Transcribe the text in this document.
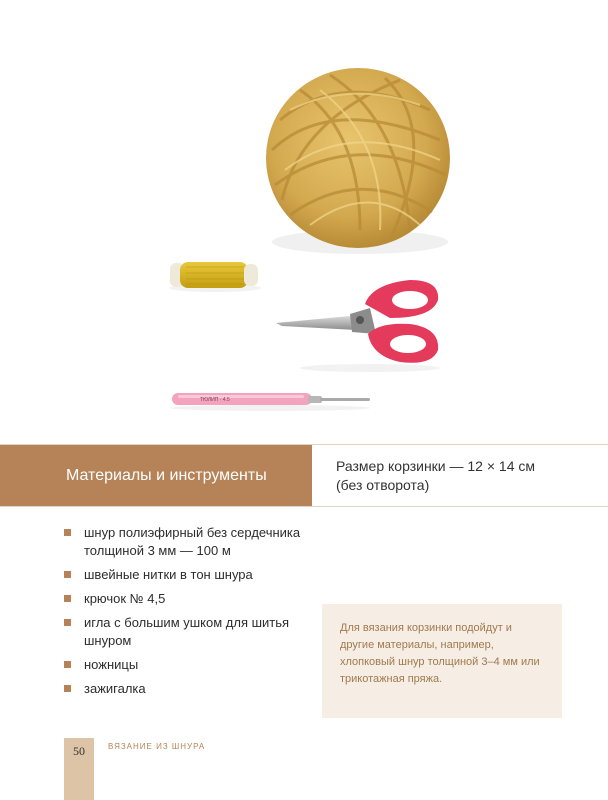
ТЮЛИП · 4.5
Материалы и инструменты
Размер корзинки — 12 × 14 см
(без отворота)
шнур полиэфирный без сердечника толщиной 3 мм — 100 м
швейные нитки в тон шнура
крючок № 4,5
игла с большим ушком для шитья шнуром
ножницы
зажигалка
Для вязания корзинки подойдут и другие материалы, например, хлопковый шнур толщиной 3–4 мм или трикотажная пряжа.
50	ВЯЗАНИЕ ИЗ ШНУРА
